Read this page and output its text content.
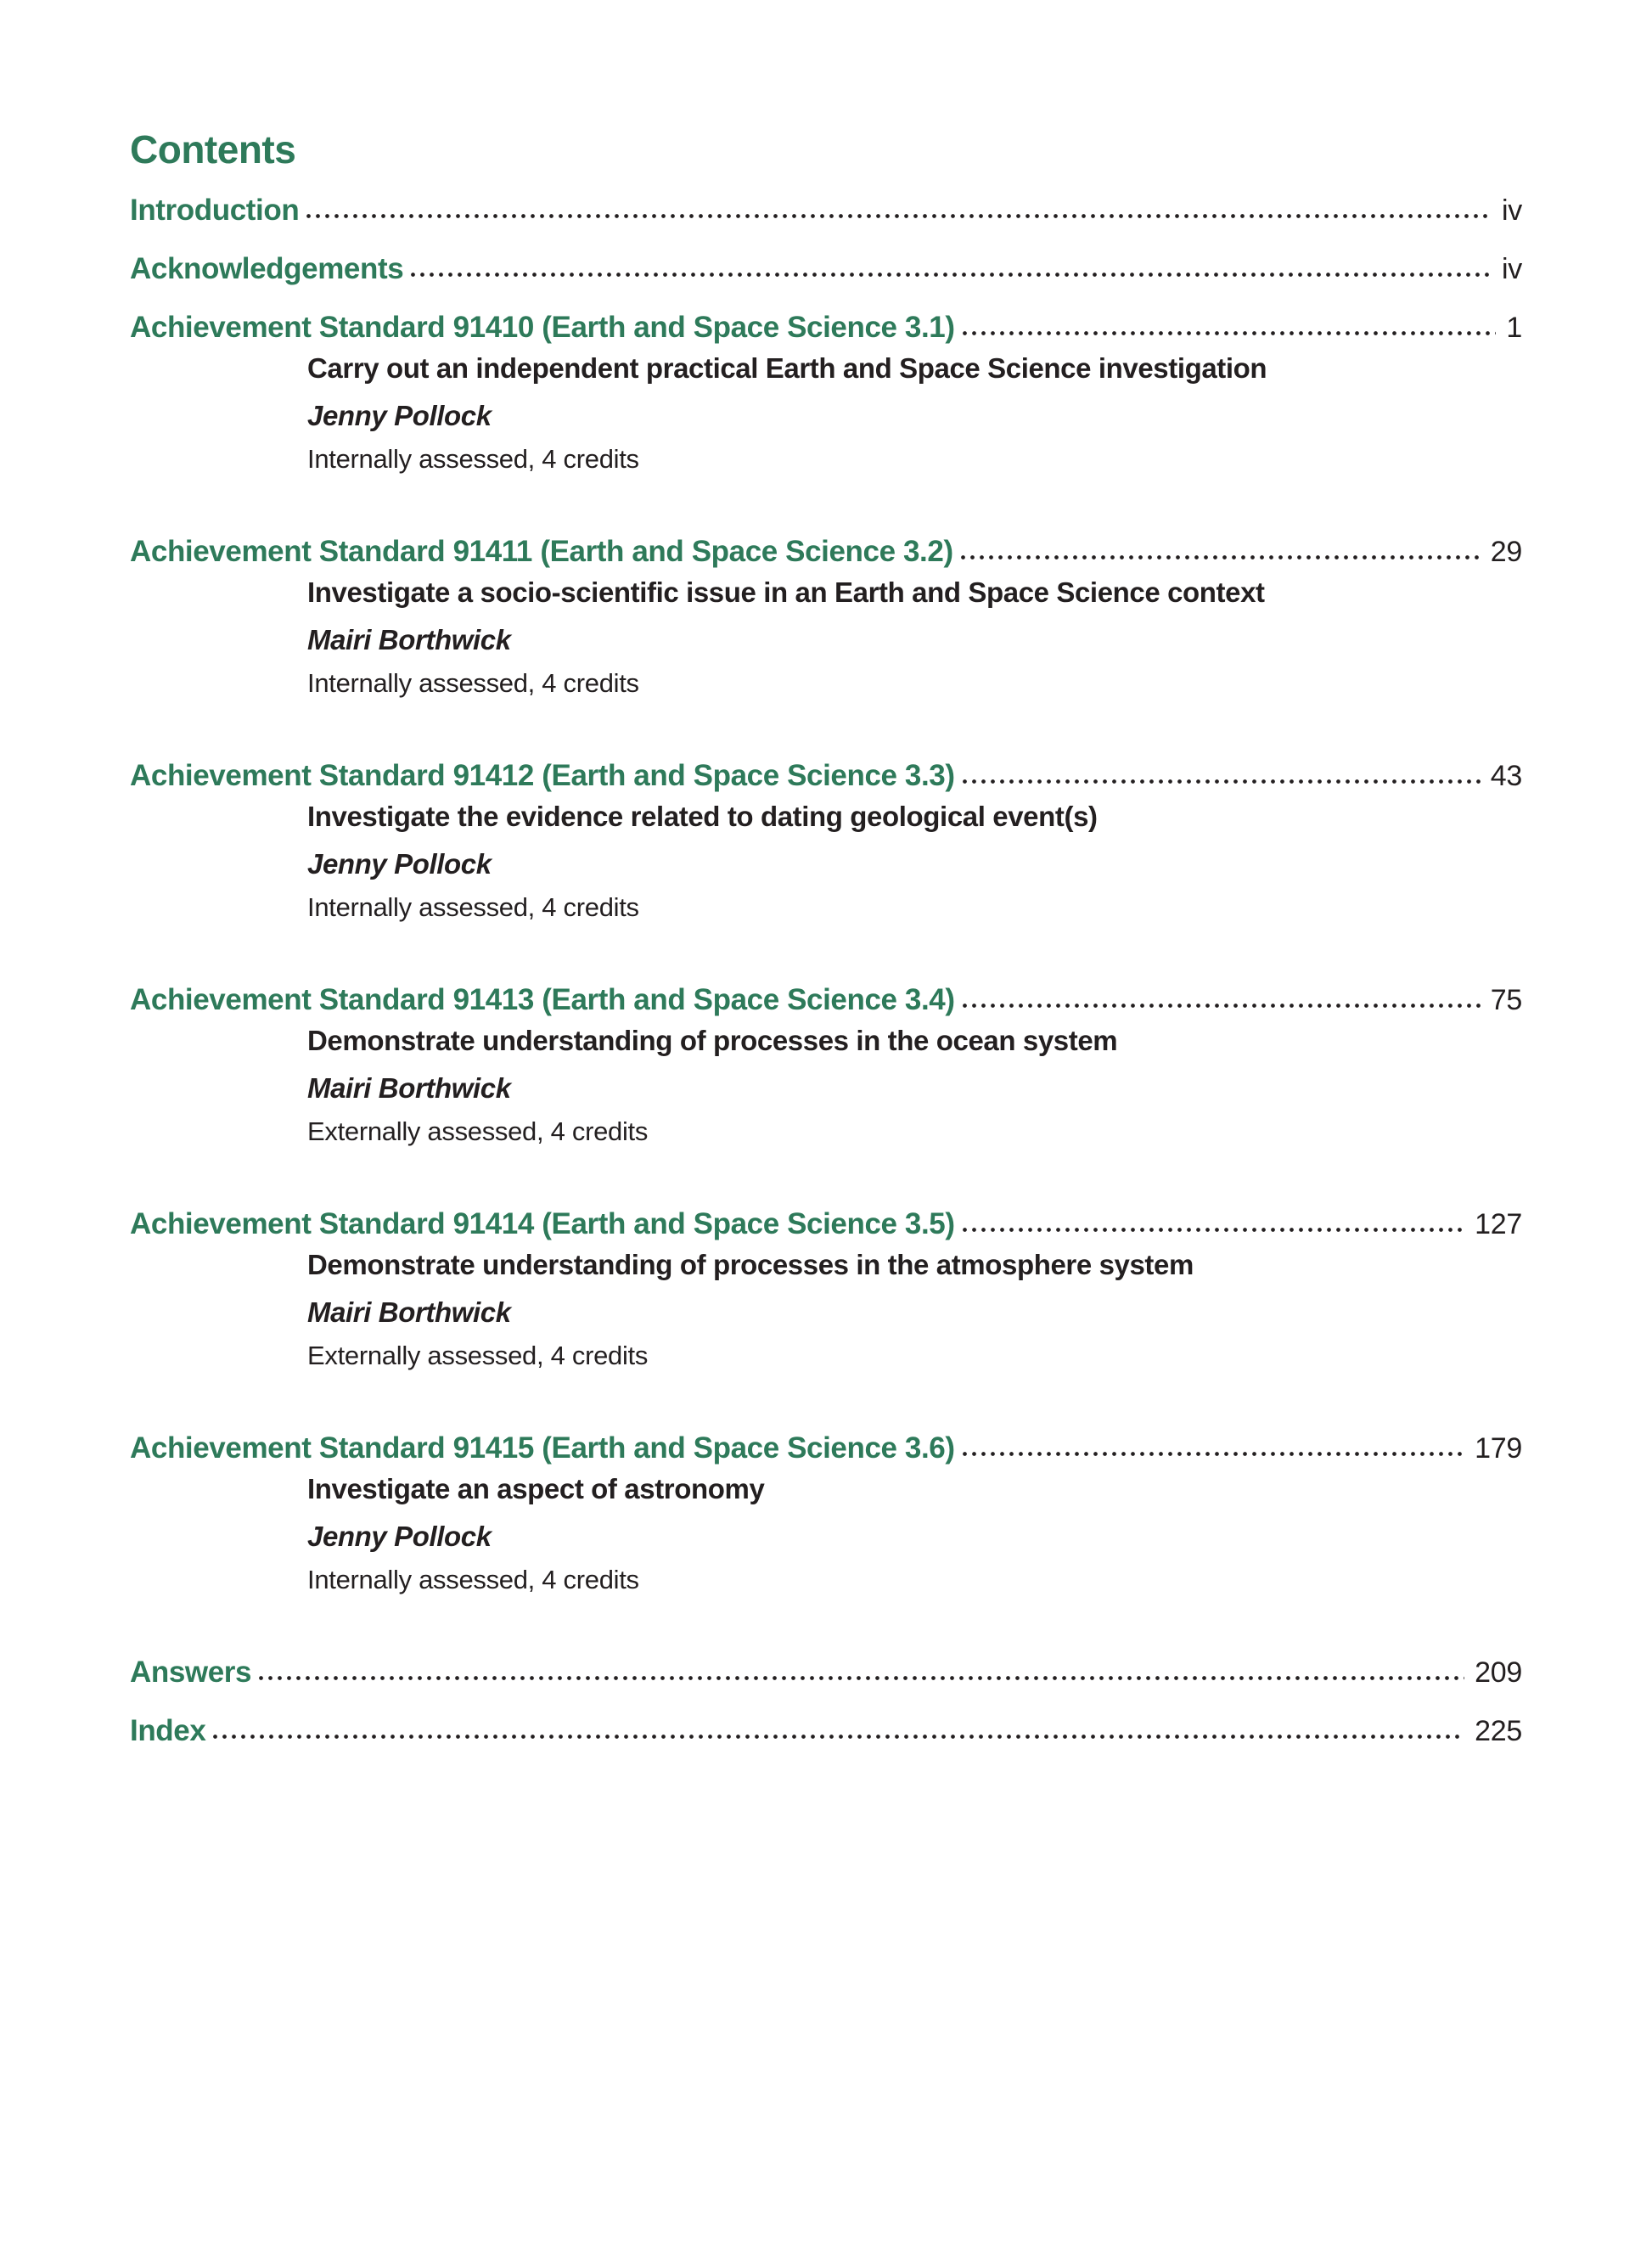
Contents
Introduction	iv
Acknowledgements	iv
Achievement Standard 91410 (Earth and Space Science 3.1)	1
Carry out an independent practical Earth and Space Science investigation
Jenny Pollock
Internally assessed, 4 credits
Achievement Standard 91411 (Earth and Space Science 3.2)	29
Investigate a socio-scientific issue in an Earth and Space Science context
Mairi Borthwick
Internally assessed, 4 credits
Achievement Standard 91412 (Earth and Space Science 3.3)	43
Investigate the evidence related to dating geological event(s)
Jenny Pollock
Internally assessed, 4 credits
Achievement Standard 91413 (Earth and Space Science 3.4)	75
Demonstrate understanding of processes in the ocean system
Mairi Borthwick
Externally assessed, 4 credits
Achievement Standard 91414 (Earth and Space Science 3.5)	127
Demonstrate understanding of processes in the atmosphere system
Mairi Borthwick
Externally assessed, 4 credits
Achievement Standard 91415 (Earth and Space Science 3.6)	179
Investigate an aspect of astronomy
Jenny Pollock
Internally assessed, 4 credits
Answers	209
Index	225
